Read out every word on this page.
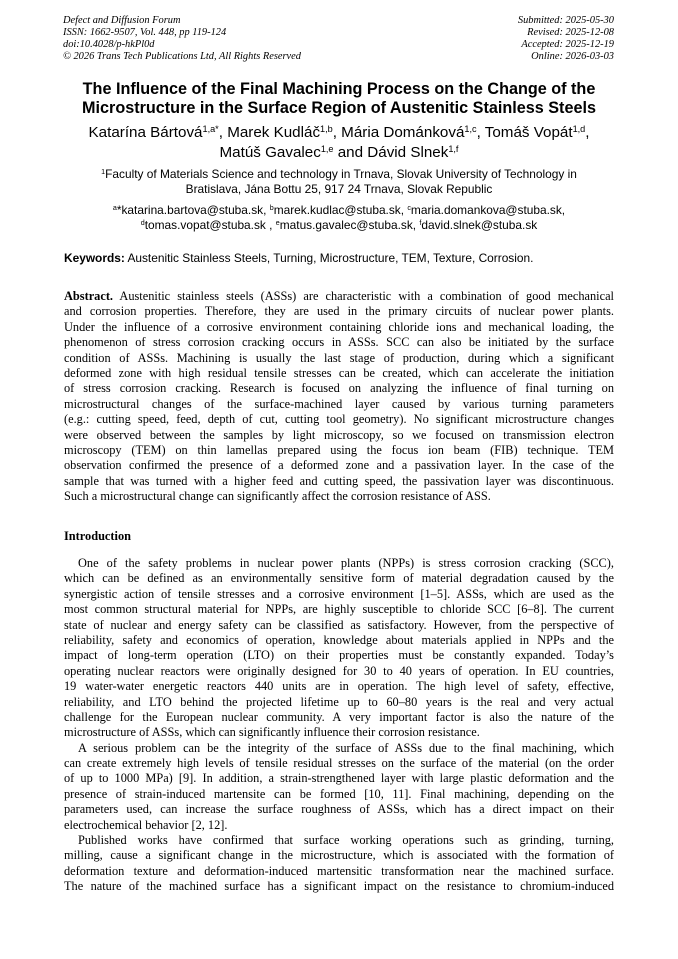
Defect and Diffusion Forum
ISSN: 1662-9507, Vol. 448, pp 119-124
doi:10.4028/p-hkPl0d
© 2026 Trans Tech Publications Ltd, All Rights Reserved
Submitted: 2025-05-30
Revised: 2025-12-08
Accepted: 2025-12-19
Online: 2026-03-03
The Influence of the Final Machining Process on the Change of the
Microstructure in the Surface Region of Austenitic Stainless Steels
Katarína Bártová$^{1,a*}$, Marek Kudláč$^{1,b}$, Mária Dománková$^{1,c}$, Tomáš Vopát$^{1,d}$,
Matúš Gavalec$^{1,e}$ and Dávid Slnek$^{1,f}$
$^1$Faculty of Materials Science and technology in Trnava, Slovak University of Technology in
Bratislava, Jána Bottu 25, 917 24 Trnava, Slovak Republic
$^a$*katarina.bartova@stuba.sk, $^b$marek.kudlac@stuba.sk, $^c$maria.domankova@stuba.sk,
$^d$tomas.vopat@stuba.sk , $^e$matus.gavalec@stuba.sk, $^f$david.slnek@stuba.sk
Keywords: Austenitic Stainless Steels, Turning, Microstructure, TEM, Texture, Corrosion.
Abstract. Austenitic stainless steels (ASSs) are characteristic with a combination of good mechanical
and corrosion properties. Therefore, they are used in the primary circuits of nuclear power plants.
Under the influence of a corrosive environment containing chloride ions and mechanical loading, the
phenomenon of stress corrosion cracking occurs in ASSs. SCC can also be initiated by the surface
condition of ASSs. Machining is usually the last stage of production, during which a significant
deformed zone with high residual tensile stresses can be created, which can accelerate the initiation
of stress corrosion cracking. Research is focused on analyzing the influence of final turning on
microstructural changes of the surface-machined layer caused by various turning parameters
(e.g.: cutting speed, feed, depth of cut, cutting tool geometry). No significant microstructure changes
were observed between the samples by light microscopy, so we focused on transmission electron
microscopy (TEM) on thin lamellas prepared using the focus ion beam (FIB) technique. TEM
observation confirmed the presence of a deformed zone and a passivation layer. In the case of the
sample that was turned with a higher feed and cutting speed, the passivation layer was discontinuous.
Such a microstructural change can significantly affect the corrosion resistance of ASS.
Introduction
One of the safety problems in nuclear power plants (NPPs) is stress corrosion cracking (SCC),
which can be defined as an environmentally sensitive form of material degradation caused by the
synergistic action of tensile stresses and a corrosive environment [1–5]. ASSs, which are used as the
most common structural material for NPPs, are highly susceptible to chloride SCC [6–8]. The current
state of nuclear and energy safety can be classified as satisfactory. However, from the perspective of
reliability, safety and economics of operation, knowledge about materials applied in NPPs and the
impact of long-term operation (LTO) on their properties must be constantly expanded. Today’s
operating nuclear reactors were originally designed for 30 to 40 years of operation. In EU countries,
19 water-water energetic reactors 440 units are in operation. The high level of safety, effective,
reliability, and LTO behind the projected lifetime up to 60–80 years is the real and very actual
challenge for the European nuclear community. A very important factor is also the nature of the
microstructure of ASSs, which can significantly influence their corrosion resistance.
A serious problem can be the integrity of the surface of ASSs due to the final machining, which
can create extremely high levels of tensile residual stresses on the surface of the material (on the order
of up to 1000 MPa) [9]. In addition, a strain-strengthened layer with large plastic deformation and the
presence of strain-induced martensite can be formed [10, 11]. Final machining, depending on the
parameters used, can increase the surface roughness of ASSs, which has a direct impact on their
electrochemical behavior [2, 12].
Published works have confirmed that surface working operations such as grinding, turning,
milling, cause a significant change in the microstructure, which is associated with the formation of
deformation texture and deformation-induced martensitic transformation near the machined surface.
The nature of the machined surface has a significant impact on the resistance to chromium-induced
